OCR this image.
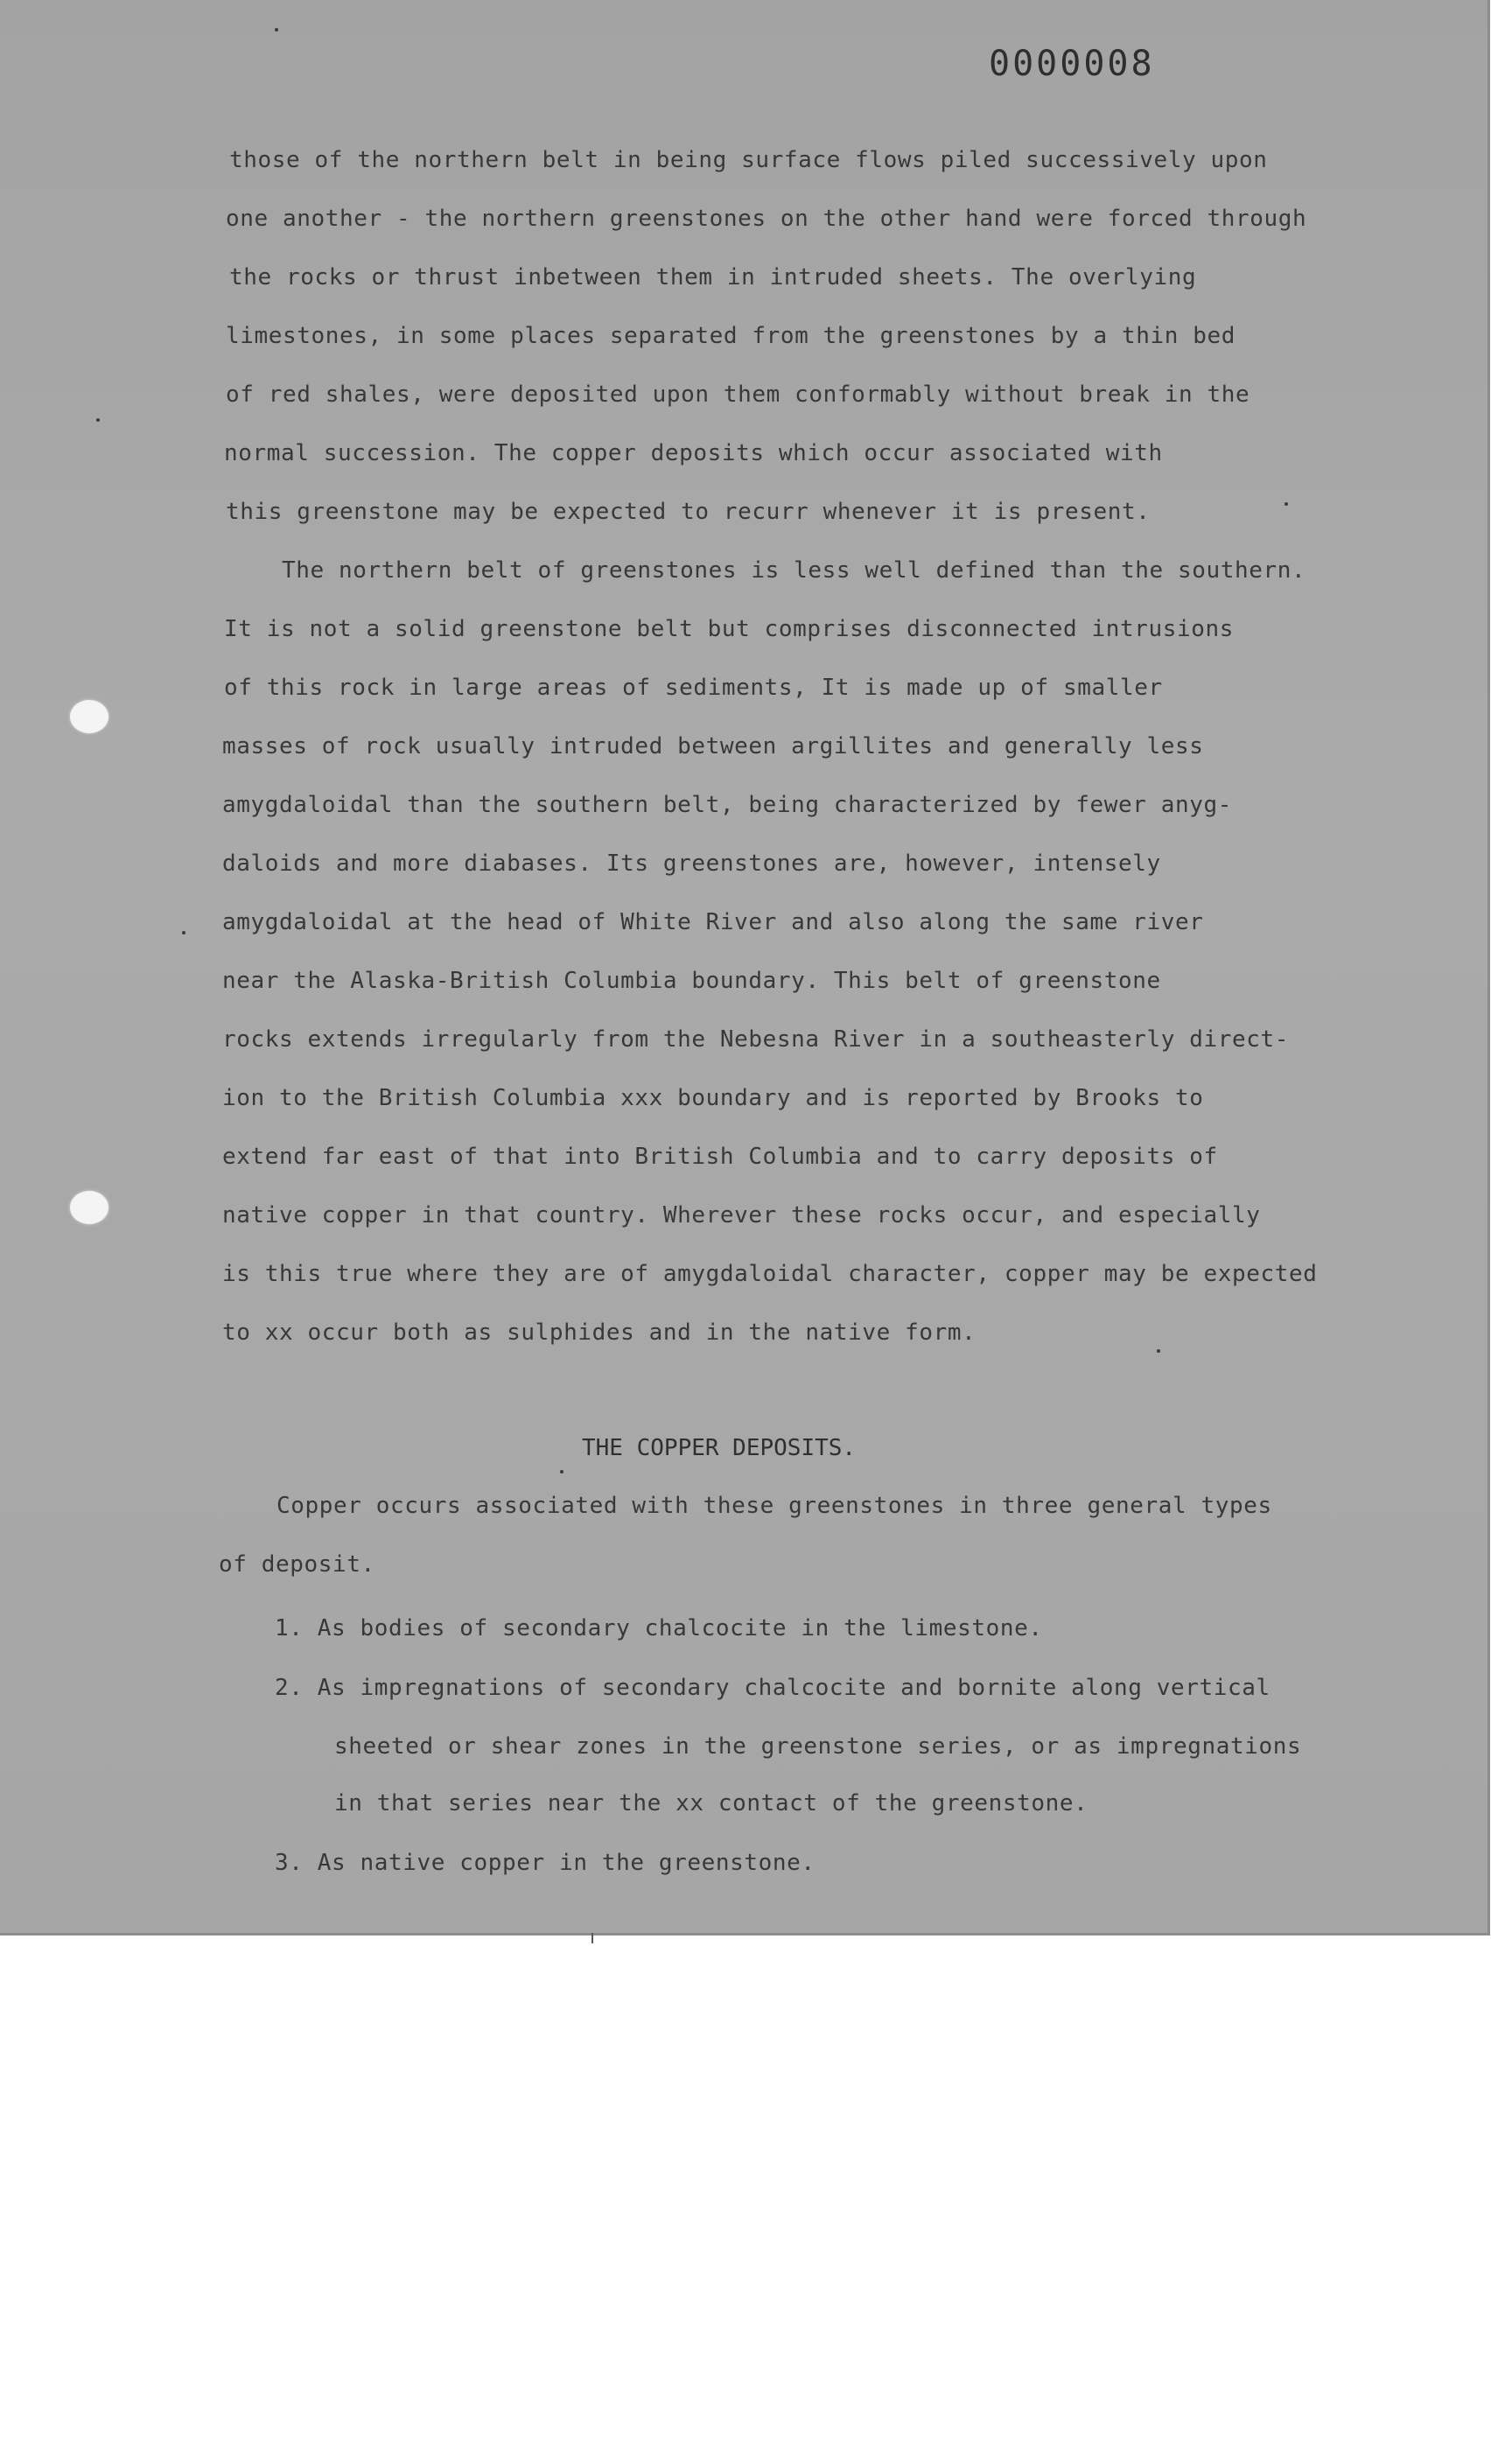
0000008

those of the northern belt in being surface flows piled successively upon

one another - the northern greenstones on the other hand were forced through

the rocks or thrust inbetween them in intruded sheets. The overlying

limestones, in some places separated from the greenstones by a thin bed

of red shales, were deposited upon them conformably without break in the

normal succession. The copper deposits which occur associated with

this greenstone may be expected to recurr whenever it is present.

The northern belt of greenstones is less well defined than the southern.

It is not a solid greenstone belt but comprises disconnected intrusions

of this rock in large areas of sediments, It is made up of smaller

masses of rock usually intruded between argillites and generally less

amygdaloidal than the southern belt, being characterized by fewer anyg-

daloids and more diabases. Its greenstones are, however, intensely

amygdaloidal at the head of White River and also along the same river

near the Alaska-British Columbia boundary. This belt of greenstone

rocks extends irregularly from the Nebesna River in a southeasterly direct-

ion to the British Columbia xxx boundary and is reported by Brooks to

extend far east of that into British Columbia and to carry deposits of

native copper in that country. Wherever these rocks occur, and especially

is this true where they are of amygdaloidal character, copper may be expected

to xx occur both as sulphides and in the native form.

THE COPPER DEPOSITS.

Copper occurs associated with these greenstones in three general types

of deposit.

1. As bodies of secondary chalcocite in the limestone.

2. As impregnations of secondary chalcocite and bornite along vertical

sheeted or shear zones in the greenstone series, or as impregnations

in that series near the xx contact of the greenstone.

3. As native copper in the greenstone.
